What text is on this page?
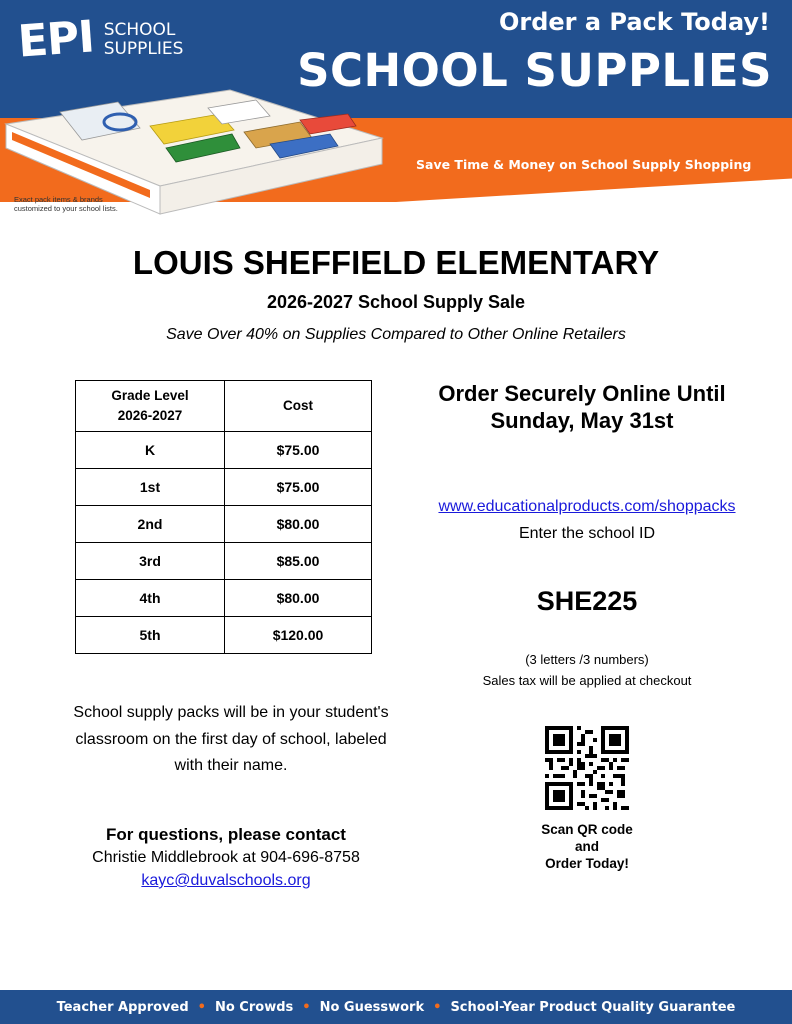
EPI SCHOOL
SUPPLIES
Order a Pack Today!
SCHOOL SUPPLIES
Save Time & Money on School Supply Shopping
Exact pack items & brands
customized to your school lists.
LOUIS SHEFFIELD ELEMENTARY
2026-2027 School Supply Sale
Save Over 40% on Supplies Compared to Other Online Retailers
Grade Level
2026-2027	Cost
K	$75.00
1st	$75.00
2nd	$80.00
3rd	$85.00
4th	$80.00
5th	$120.00
Order Securely Online Until
Sunday, May 31st
www.educationalproducts.com/shoppacks
Enter the school ID
SHE225
(3 letters /3 numbers)
Sales tax will be applied at checkout
Scan QR code
and
Order Today!
School supply packs will be in your student's
classroom on the first day of school, labeled
with their name.
For questions, please contact
Christie Middlebrook at 904-696-8758
kayc@duvalschools.org
Teacher Approved • No Crowds • No Guesswork • School-Year Product Quality Guarantee
